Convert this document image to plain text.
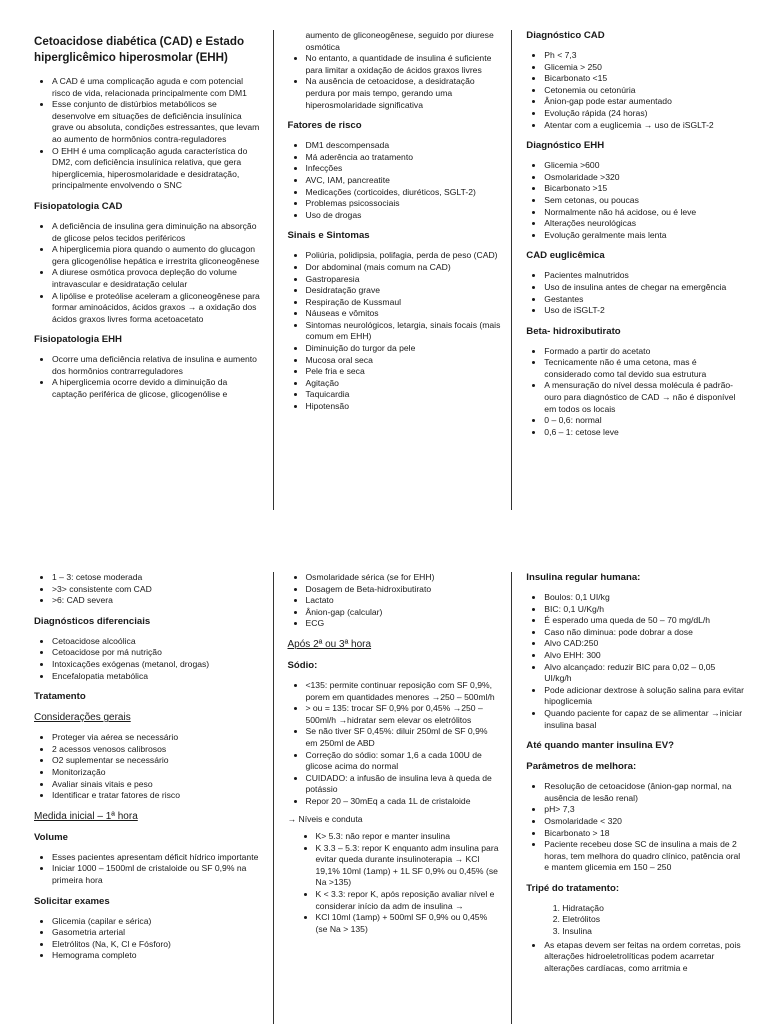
Cetoacidose diabética (CAD) e Estado hiperglicêmico hiperosmolar (EHH)
• A CAD é uma complicação aguda e com potencial risco de vida, relacionada principalmente com DM1
• Esse conjunto de distúrbios metabólicos se desenvolve em situações de deficiência insulínica grave ou absoluta, condições estressantes, que levam ao aumento de hormônios contra-reguladores
• O EHH é uma complicação aguda característica do DM2, com deficiência insulínica relativa, que gera hiperglicemia, hiperosmolaridade e desidratação, principalmente envolvendo o SNC
Fisiopatologia CAD
• A deficiência de insulina gera diminuição na absorção de glicose pelos tecidos periféricos
• A hiperglicemia piora quando o aumento do glucagon gera glicogenólise hepática e irrestrita gliconeogênese
• A diurese osmótica provoca depleção do volume intravascular e desidratação celular
• A lipólise e proteólise aceleram a gliconeogênese para formar aminoácidos, ácidos graxos → a oxidação dos ácidos graxos livres forma acetoacetato
Fisiopatologia EHH
• Ocorre uma deficiência relativa de insulina e aumento dos hormônios contrarreguladores
• A hiperglicemia ocorre devido a diminuição da captação periférica de glicose, glicogenólise e
aumento de gliconeogênese, seguido por diurese osmótica
• No entanto, a quantidade de insulina é suficiente para limitar a oxidação de ácidos graxos livres
• Na ausência de cetoacidose, a desidratação perdura por mais tempo, gerando uma hiperosmolaridade significativa
Fatores de risco
• DM1 descompensada
• Má aderência ao tratamento
• Infecções
• AVC, IAM, pancreatite
• Medicações (corticoides, diuréticos, SGLT-2)
• Problemas psicossociais
• Uso de drogas
Sinais e Sintomas
• Poliúria, polidipsia, polifagia, perda de peso (CAD)
• Dor abdominal (mais comum na CAD)
• Gastroparesia
• Desidratação grave
• Respiração de Kussmaul
• Náuseas e vômitos
• Sintomas neurológicos, letargia, sinais focais (mais comum em EHH)
• Diminuição do turgor da pele
• Mucosa oral seca
• Pele fria e seca
• Agitação
• Taquicardia
• Hipotensão
Diagnóstico CAD
• Ph < 7,3
• Glicemia > 250
• Bicarbonato <15
• Cetonemia ou cetonúria
• Ânion-gap pode estar aumentado
• Evolução rápida (24 horas)
• Atentar com a euglicemia → uso de iSGLT-2
Diagnóstico EHH
• Glicemia >600
• Osmolaridade >320
• Bicarbonato >15
• Sem cetonas, ou poucas
• Normalmente não há acidose, ou é leve
• Alterações neurológicas
• Evolução geralmente mais lenta
CAD euglicêmica
• Pacientes malnutridos
• Uso de insulina antes de chegar na emergência
• Gestantes
• Uso de iSGLT-2
Beta- hidroxibutirato
• Formado a partir do acetato
• Tecnicamente não é uma cetona, mas é considerado como tal devido sua estrutura
• A mensuração do nível dessa molécula é padrão-ouro para diagnóstico de CAD → não é disponível em todos os locais
• 0 – 0,6: normal
• 0,6 – 1: cetose leve
• 1 – 3: cetose moderada
• >3> consistente com CAD
• >6: CAD severa
Diagnósticos diferenciais
• Cetoacidose alcoólica
• Cetoacidose por má nutrição
• Intoxicações exógenas (metanol, drogas)
• Encefalopatia metabólica
Tratamento
Considerações gerais
• Proteger via aérea se necessário
• 2 acessos venosos calibrosos
• O2 suplementar se necessário
• Monitorização
• Avaliar sinais vitais e peso
• Identificar e tratar fatores de risco
Medida inicial – 1ª hora
Volume
• Esses pacientes apresentam déficit hídrico importante
• Iniciar 1000 – 1500ml de cristaloide ou SF 0,9% na primeira hora
Solicitar exames
• Glicemia (capilar e sérica)
• Gasometria arterial
• Eletrólitos (Na, K, Cl e Fósforo)
• Hemograma completo
• Osmolaridade sérica (se for EHH)
• Dosagem de Beta-hidroxibutirato
• Lactato
• Ânion-gap (calcular)
• ECG
Após 2ª ou 3ª hora
Sódio:
• <135: permite continuar reposição com SF 0,9%, porem em quantidades menores →250 – 500ml/h
• > ou = 135: trocar SF 0,9% por 0,45% →250 – 500ml/h →hidratar sem elevar os eletrólitos
• Se não tiver SF 0,45%: diluir 250ml de SF 0,9% em 250ml de ABD
• Correção do sódio: somar 1,6 a cada 100U de glicose acima do normal
• CUIDADO: a infusão de insulina leva à queda de potássio
• Repor 20 – 30mEq a cada 1L de cristaloide
→ Níveis e conduta
• K> 5.3: não repor e manter insulina
• K 3.3 – 5.3: repor K enquanto adm insulina para evitar queda durante insulinoterapia → KCl 19,1% 10ml (1amp) + 1L SF 0,9% ou 0,45% (se Na >135)
• K < 3.3: repor K, após reposição avaliar nível e considerar início da adm de insulina →
• KCl 10ml (1amp) + 500ml SF 0,9% ou 0,45% (se Na > 135)
Insulina regular humana:
• Boulos: 0,1 UI/kg
• BIC: 0,1 U/Kg/h
• É esperado uma queda de 50 – 70 mg/dL/h
• Caso não diminua: pode dobrar a dose
• Alvo CAD:250
• Alvo EHH: 300
• Alvo alcançado: reduzir BIC para 0,02 – 0,05 UI/kg/h
• Pode adicionar dextrose à solução salina para evitar hipoglicemia
• Quando paciente for capaz de se alimentar →iniciar insulina basal
Até quando manter insulina EV?
Parâmetros de melhora:
• Resolução de cetoacidose (ânion-gap normal, na ausência de lesão renal)
• pH> 7,3
• Osmolaridade < 320
• Bicarbonato > 18
• Paciente recebeu dose SC de insulina a mais de 2 horas, tem melhora do quadro clínico, patência oral e mantem glicemia em 150 – 250
Tripé do tratamento:
1. Hidratação
2. Eletrólitos
3. Insulina
• As etapas devem ser feitas na ordem corretas, pois alterações hidroeletrolíticas podem acarretar alterações cardíacas, como arritmia e
